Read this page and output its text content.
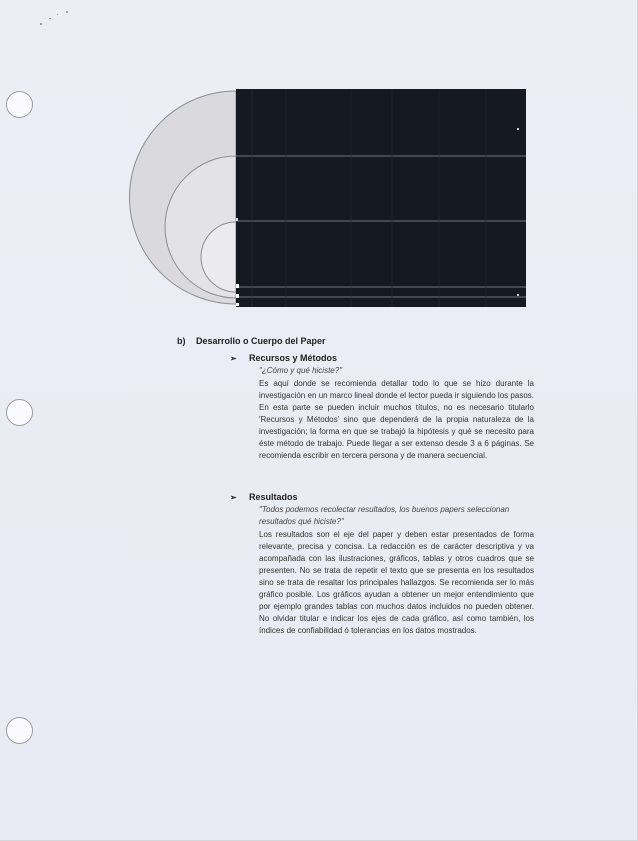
b) Desarrollo o Cuerpo del Paper
➢ Recursos y Métodos

"¿Cómo y qué hiciste?"

Es aquí donde se recomienda detallar todo lo que se hizo durante la investigación en un marco lineal donde el lector pueda ir siguiendo los pasos. En esta parte se pueden incluir muchos títulos, no es necesario titularlo 'Recursos y Métodos' sino que dependerá de la propia naturaleza de la investigación; la forma en que se trabajó la hipótesis y qué se necesito para éste método de trabajo. Puede llegar a ser extenso desde 3 a 6 páginas. Se recomienda escribir en tercera persona y de manera secuencial.

➢ Resultados

"Todos podemos recolectar resultados, los buenos papers seleccionan resultados qué hiciste?"

Los resultados son el eje del paper y deben estar presentados de forma relevante, precisa y concisa. La redacción es de carácter descriptiva y va acompañada con las ilustraciones, gráficos, tablas y otros cuadros que se presenten. No se trata de repetir el texto que se presenta en los resultados sino se trata de resaltar los principales hallazgos. Se recomienda ser lo más gráfico posible. Los gráficos ayudan a obtener un mejor entendimiento que por ejemplo grandes tablas con muchos datos incluidos no pueden obtener. No olvidar titular e indicar los ejes de cada gráfico, así como también, los índices de confiabilidad ó tolerancias en los datos mostrados.
